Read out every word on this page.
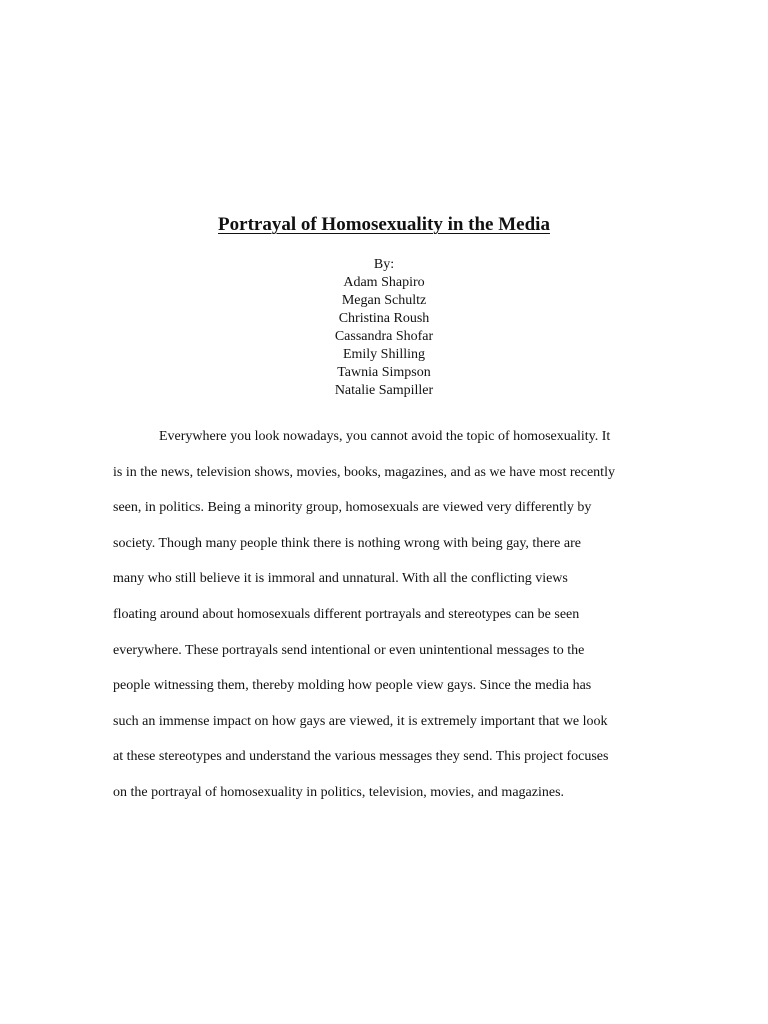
Portrayal of Homosexuality in the Media
By:
Adam Shapiro
Megan Schultz
Christina Roush
Cassandra Shofar
Emily Shilling
Tawnia Simpson
Natalie Sampiller
Everywhere you look nowadays, you cannot avoid the topic of homosexuality. It
is in the news, television shows, movies, books, magazines, and as we have most recently
seen, in politics. Being a minority group, homosexuals are viewed very differently by
society. Though many people think there is nothing wrong with being gay, there are
many who still believe it is immoral and unnatural. With all the conflicting views
floating around about homosexuals different portrayals and stereotypes can be seen
everywhere. These portrayals send intentional or even unintentional messages to the
people witnessing them, thereby molding how people view gays. Since the media has
such an immense impact on how gays are viewed, it is extremely important that we look
at these stereotypes and understand the various messages they send. This project focuses
on the portrayal of homosexuality in politics, television, movies, and magazines.
